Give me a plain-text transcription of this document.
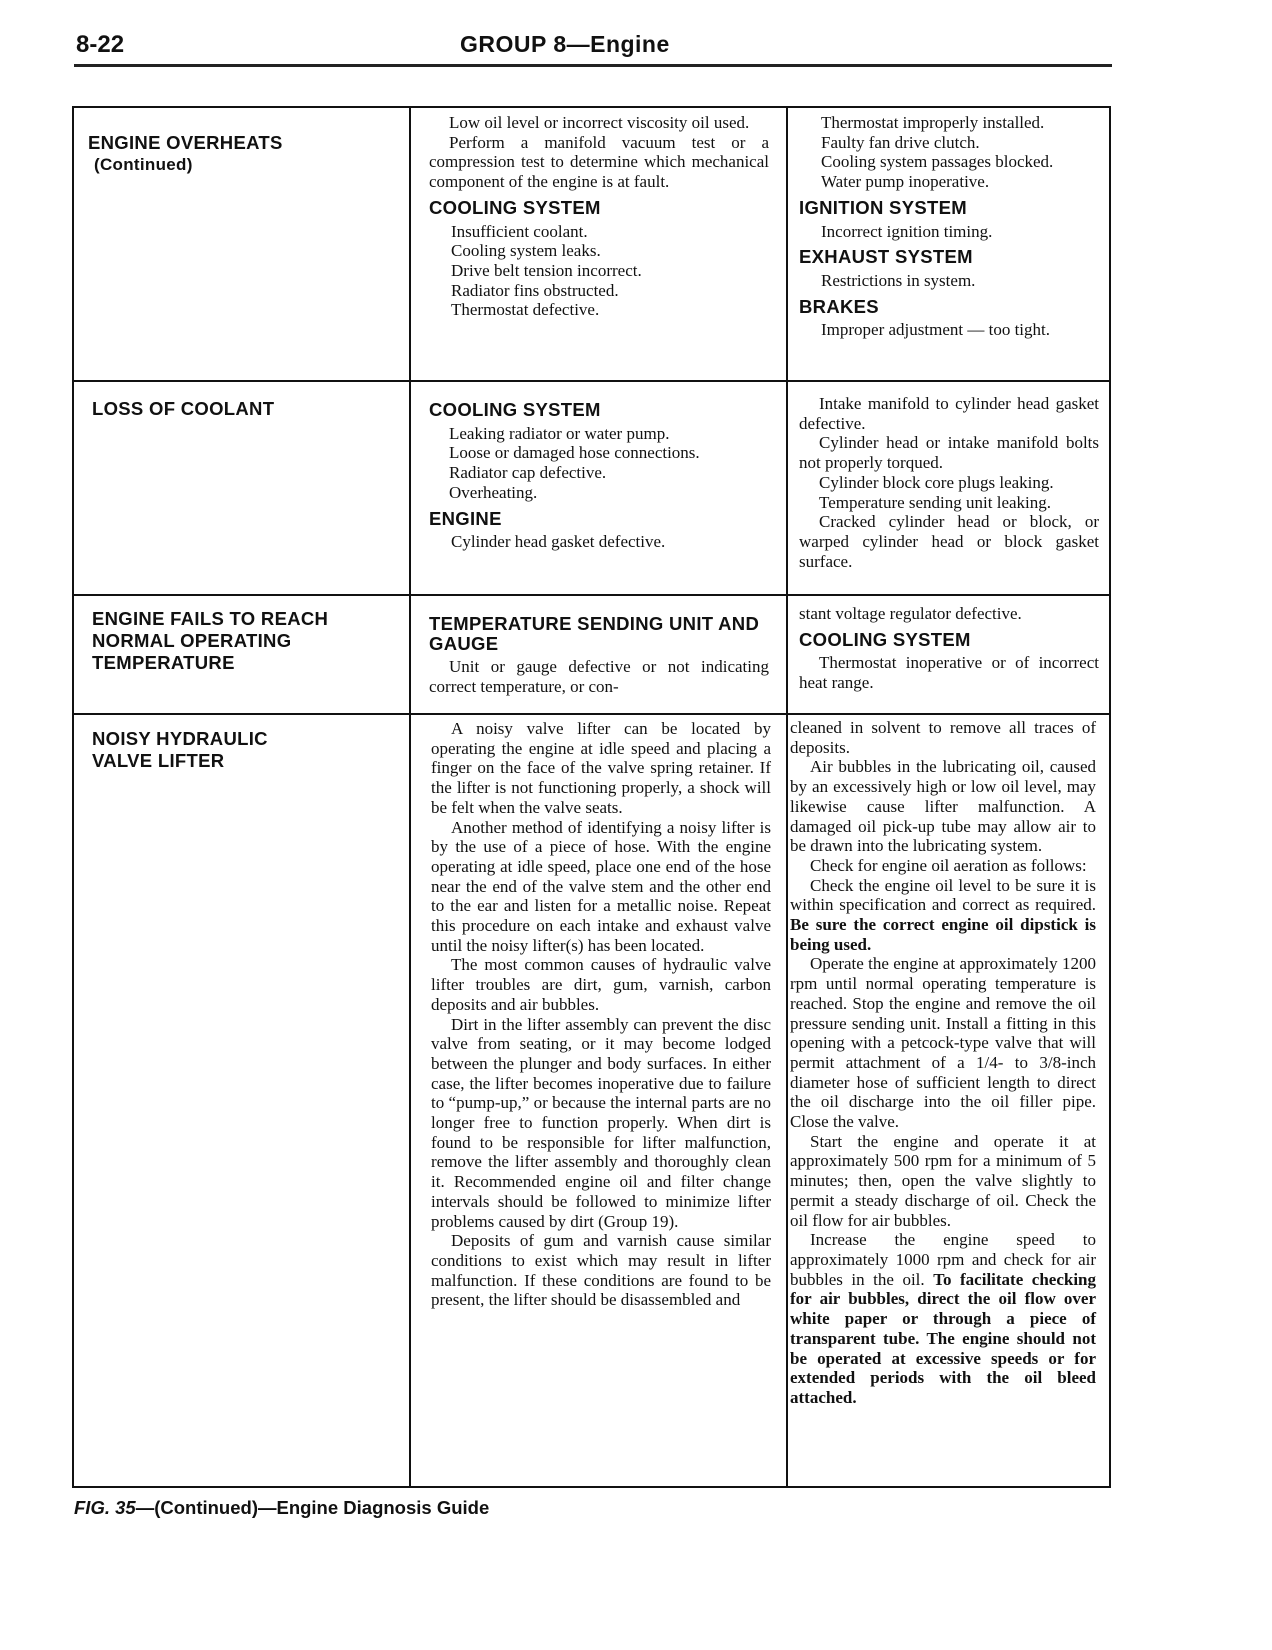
8-22	GROUP 8—Engine
ENGINE OVERHEATS
(Continued)

Low oil level or incorrect viscosity oil used.

Perform a manifold vacuum test or a compression test to determine which mechanical component of the engine is at fault.

COOLING SYSTEM

Insufficient coolant.

Cooling system leaks.

Drive belt tension incorrect.

Radiator fins obstructed.

Thermostat defective.

Thermostat improperly installed.

Faulty fan drive clutch.

Cooling system passages blocked.

Water pump inoperative.

IGNITION SYSTEM

Incorrect ignition timing.

EXHAUST SYSTEM

Restrictions in system.

BRAKES

Improper adjustment — too tight.

LOSS OF COOLANT	COOLING SYSTEM

Leaking radiator or water pump.

Loose or damaged hose connections.

Radiator cap defective.

Overheating.

ENGINE

Cylinder head gasket defective.

Intake manifold to cylinder head gasket defective.

Cylinder head or intake manifold bolts not properly torqued.

Cylinder block core plugs leaking.

Temperature sending unit leaking.

Cracked cylinder head or block, or warped cylinder head or block gasket surface.

ENGINE FAILS TO REACH NORMAL OPERATING TEMPERATURE

TEMPERATURE SENDING UNIT AND GAUGE

Unit or gauge defective or not indicating correct temperature, or con-

stant voltage regulator defective.

COOLING SYSTEM

Thermostat inoperative or of incorrect heat range.

NOISY HYDRAULIC VALVE LIFTER

A noisy valve lifter can be located by operating the engine at idle speed and placing a finger on the face of the valve spring retainer. If the lifter is not functioning properly, a shock will be felt when the valve seats.

Another method of identifying a noisy lifter is by the use of a piece of hose. With the engine operating at idle speed, place one end of the hose near the end of the valve stem and the other end to the ear and listen for a metallic noise. Repeat this procedure on each intake and exhaust valve until the noisy lifter(s) has been located.

The most common causes of hydraulic valve lifter troubles are dirt, gum, varnish, carbon deposits and air bubbles.

Dirt in the lifter assembly can prevent the disc valve from seating, or it may become lodged between the plunger and body surfaces. In either case, the lifter becomes inoperative due to failure to “pump-up,” or because the internal parts are no longer free to function properly. When dirt is found to be responsible for lifter malfunction, remove the lifter assembly and thoroughly clean it. Recommended engine oil and filter change intervals should be followed to minimize lifter problems caused by dirt (Group 19).

Deposits of gum and varnish cause similar conditions to exist which may result in lifter malfunction. If these conditions are found to be present, the lifter should be disassembled and

cleaned in solvent to remove all traces of deposits.

Air bubbles in the lubricating oil, caused by an excessively high or low oil level, may likewise cause lifter malfunction. A damaged oil pick-up tube may allow air to be drawn into the lubricating system.

Check for engine oil aeration as follows:

Check the engine oil level to be sure it is within specification and correct as required. Be sure the correct engine oil dipstick is being used.

Operate the engine at approximately 1200 rpm until normal operating temperature is reached. Stop the engine and remove the oil pressure sending unit. Install a fitting in this opening with a petcock-type valve that will permit attachment of a 1/4- to 3/8-inch diameter hose of sufficient length to direct the oil discharge into the oil filler pipe. Close the valve.

Start the engine and operate it at approximately 500 rpm for a minimum of 5 minutes; then, open the valve slightly to permit a steady discharge of oil. Check the oil flow for air bubbles.

Increase the engine speed to approximately 1000 rpm and check for air bubbles in the oil. To facilitate checking for air bubbles, direct the oil flow over white paper or through a piece of transparent tube. The engine should not be operated at excessive speeds or for extended periods with the oil bleed attached.

FIG. 35—(Continued)—Engine Diagnosis Guide
